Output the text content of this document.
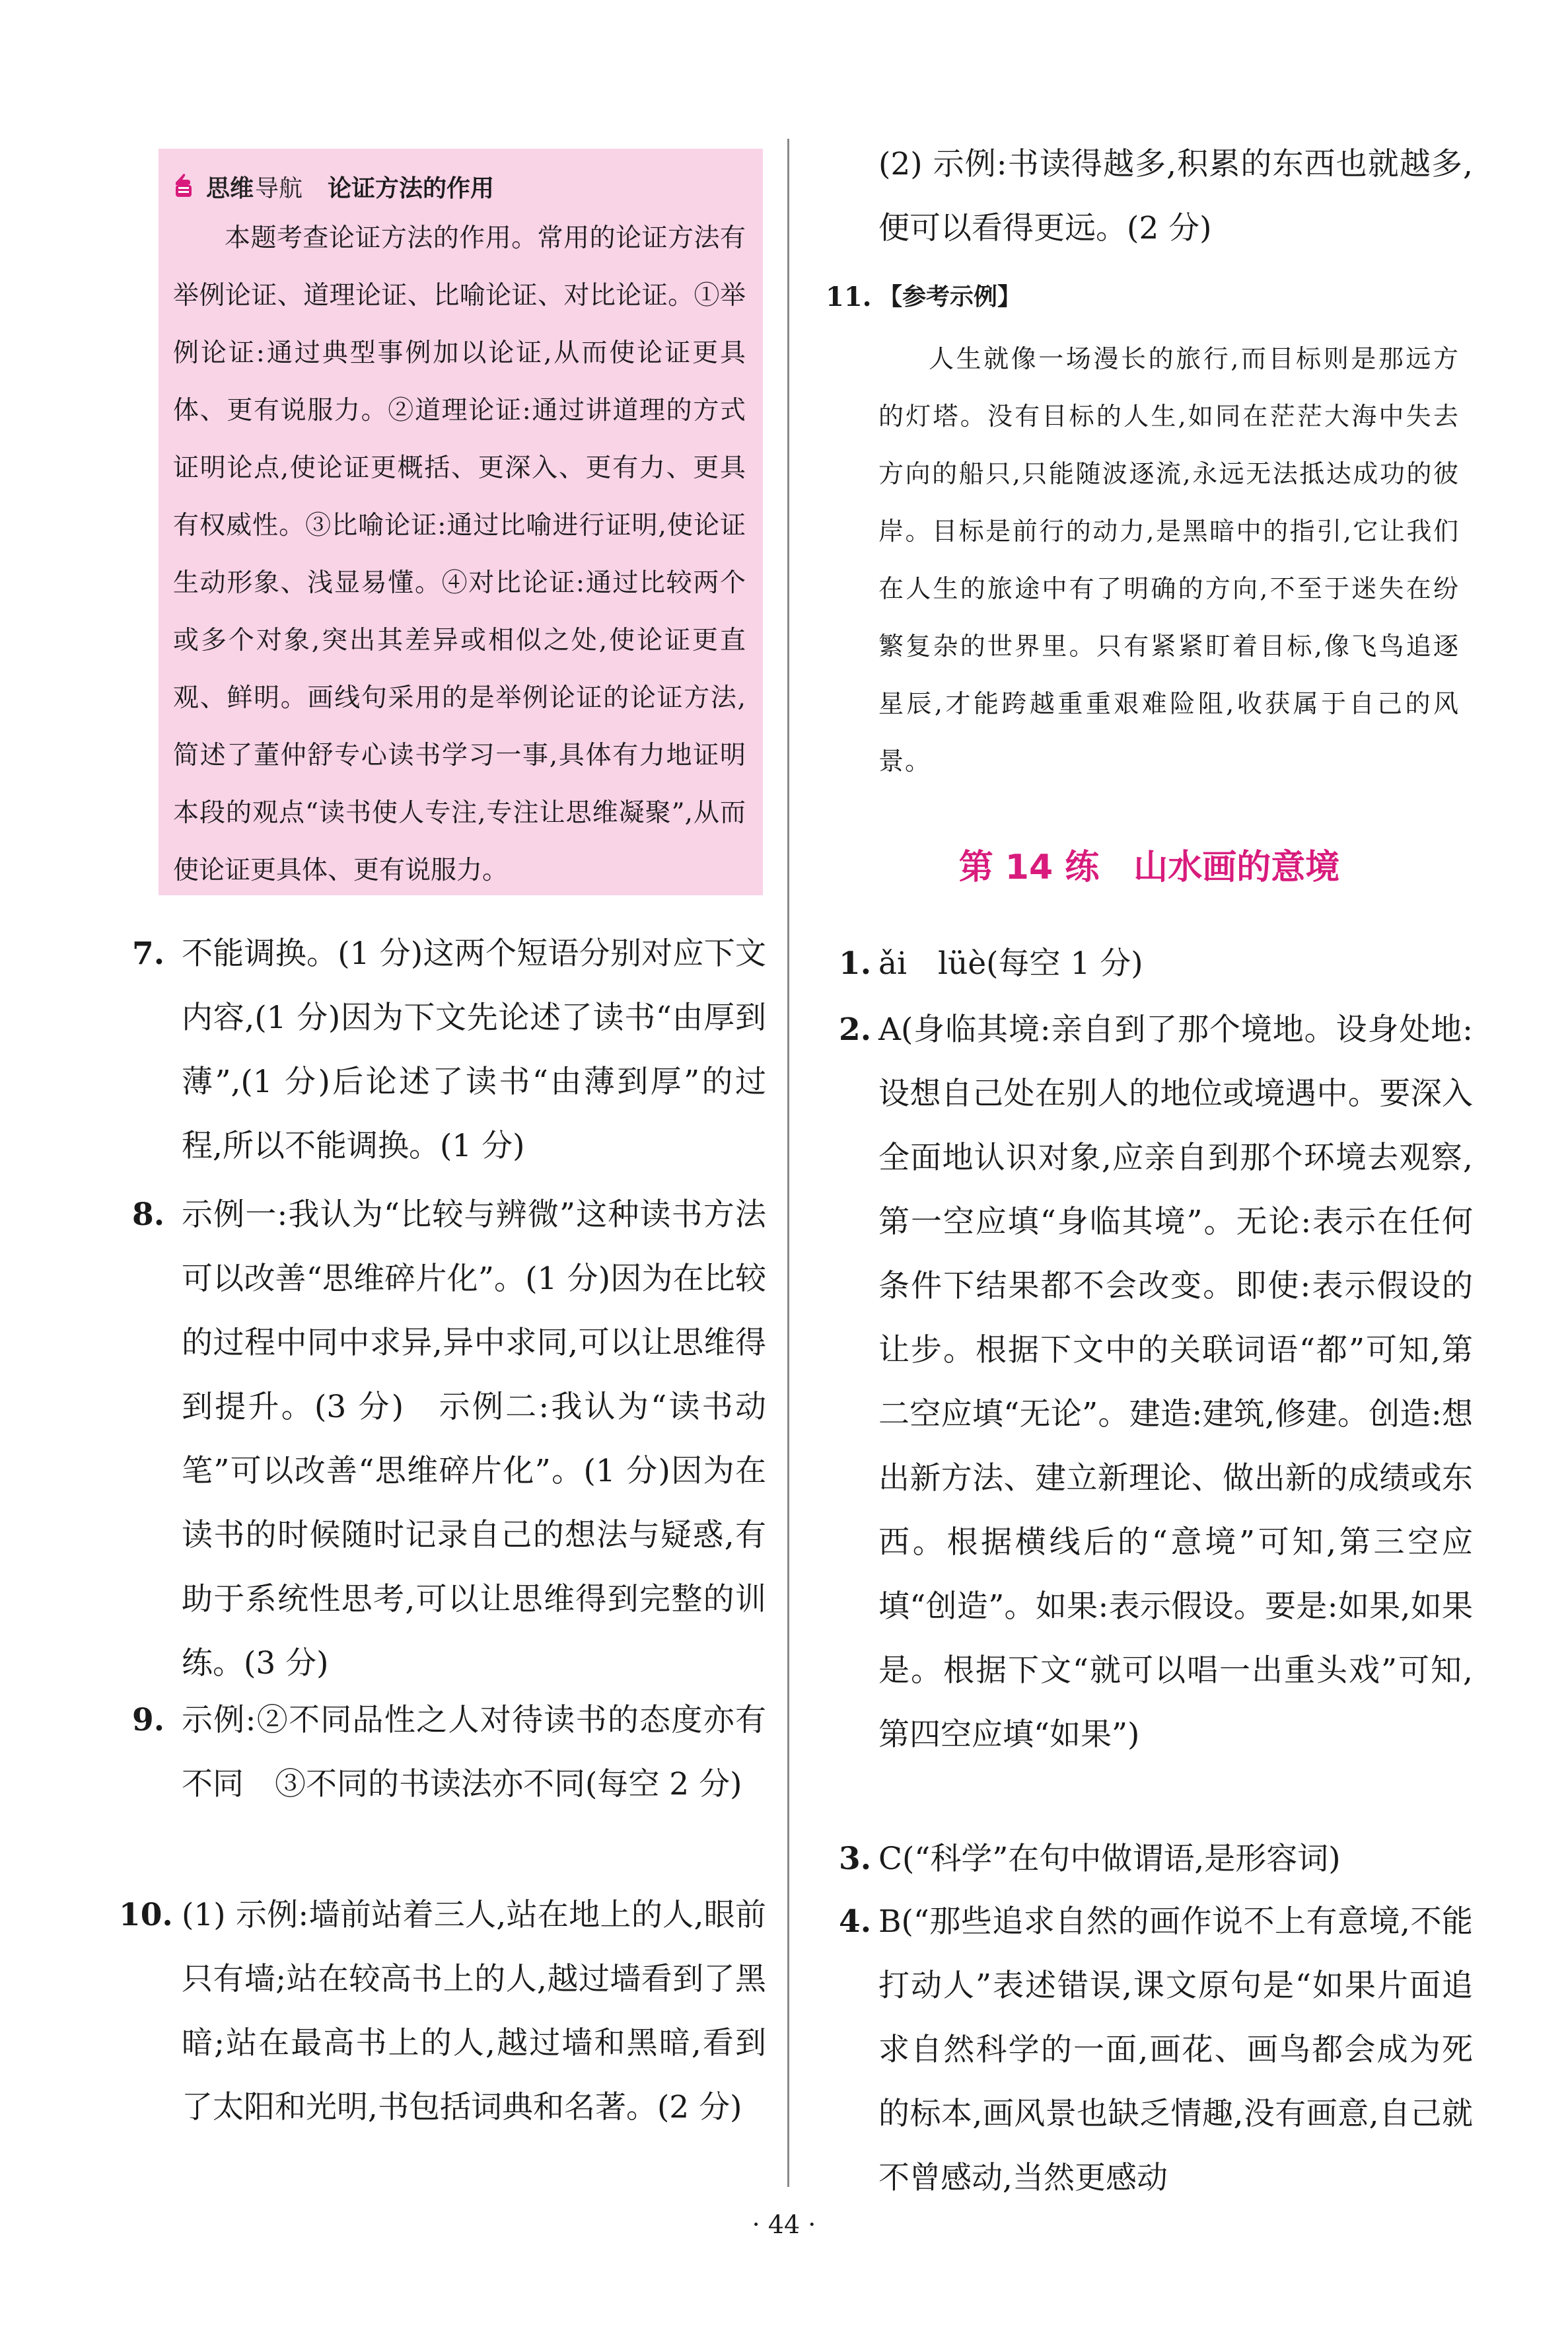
思维 导航 论证方法的作用

本题考查论证方法的作用。常用的论证方法有举例论证、道理论证、比喻论证、对比论证。①举例论证:通过典型事例加以论证,从而使论证更具体、更有说服力。②道理论证:通过讲道理的方式证明论点,使论证更概括、更深入、更有力、更具有权威性。③比喻论证:通过比喻进行证明,使论证生动形象、浅显易懂。④对比论证:通过比较两个或多个对象,突出其差异或相似之处,使论证更直观、鲜明。画线句采用的是举例论证的论证方法,简述了董仲舒专心读书学习一事,具体有力地证明本段的观点“读书使人专注,专注让思维凝聚”,从而使论证更具体、更有说服力。

7. 不能调换。(1 分)这两个短语分别对应下文内容,(1 分)因为下文先论述了读书“由厚到薄”,(1 分)后论述了读书“由薄到厚”的过程,所以不能调换。(1 分)
8. 示例一:我认为“比较与辨微”这种读书方法可以改善“思维碎片化”。(1 分)因为在比较的过程中同中求异,异中求同,可以让思维得到提升。(3 分)　示例二:我认为“读书动笔”可以改善“思维碎片化”。(1 分)因为在读书的时候随时记录自己的想法与疑惑,有助于系统性思考,可以让思维得到完整的训练。(3 分)
9. 示例:②不同品性之人对待读书的态度亦有不同　③不同的书读法亦不同(每空 2 分)
10. (1) 示例:墙前站着三人,站在地上的人,眼前只有墙;站在较高书上的人,越过墙看到了黑暗;站在最高书上的人,越过墙和黑暗,看到了太阳和光明,书包括词典和名著。(2 分)
(2) 示例:书读得越多,积累的东西也就越多,便可以看得更远。(2 分)
11. 【参考示例】

人生就像一场漫长的旅行,而目标则是那远方的灯塔。没有目标的人生,如同在茫茫大海中失去方向的船只,只能随波逐流,永远无法抵达成功的彼岸。目标是前行的动力,是黑暗中的指引,它让我们在人生的旅途中有了明确的方向,不至于迷失在纷繁复杂的世界里。只有紧紧盯着目标,像飞鸟追逐星辰,才能跨越重重艰难险阻,收获属于自己的风景。

第 14 练　山水画的意境
1. ǎi　lüè(每空 1 分)
2. A(身临其境:亲自到了那个境地。设身处地:设想自己处在别人的地位或境遇中。要深入全面地认识对象,应亲自到那个环境去观察,第一空应填“身临其境”。无论:表示在任何条件下结果都不会改变。即使:表示假设的让步。根据下文中的关联词语“都”可知,第二空应填“无论”。建造:建筑,修建。创造:想出新方法、建立新理论、做出新的成绩或东西。根据横线后的“意境”可知,第三空应填“创造”。如果:表示假设。要是:如果,如果是。根据下文“就可以唱一出重头戏”可知,第四空应填“如果”)
3. C(“科学”在句中做谓语,是形容词)
4. B(“那些追求自然的画作说不上有意境,不能打动人”表述错误,课文原句是“如果片面追求自然科学的一面,画花、画鸟都会成为死的标本,画风景也缺乏情趣,没有画意,自己就不曾感动,当然更感动
· 44 ·
